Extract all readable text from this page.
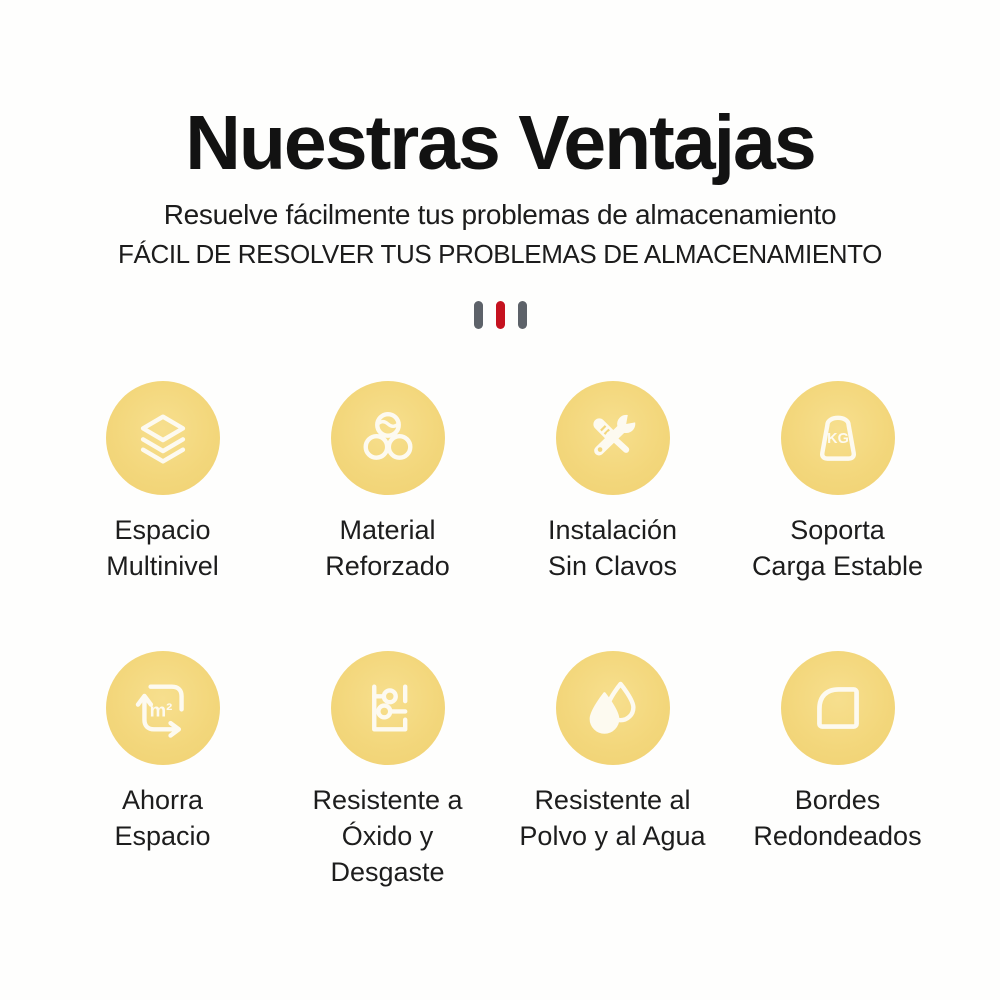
Nuestras Ventajas
Resuelve fácilmente tus problemas de almacenamiento
FÁCIL DE RESOLVER TUS PROBLEMAS DE ALMACENAMIENTO
Espacio
Multinivel
Material
Reforzado
Instalación
Sin Clavos
KG
Soporta
Carga Estable
m²
Ahorra
Espacio
Resistente a
Óxido y
Desgaste
Resistente al
Polvo y al Agua
Bordes
Redondeados
